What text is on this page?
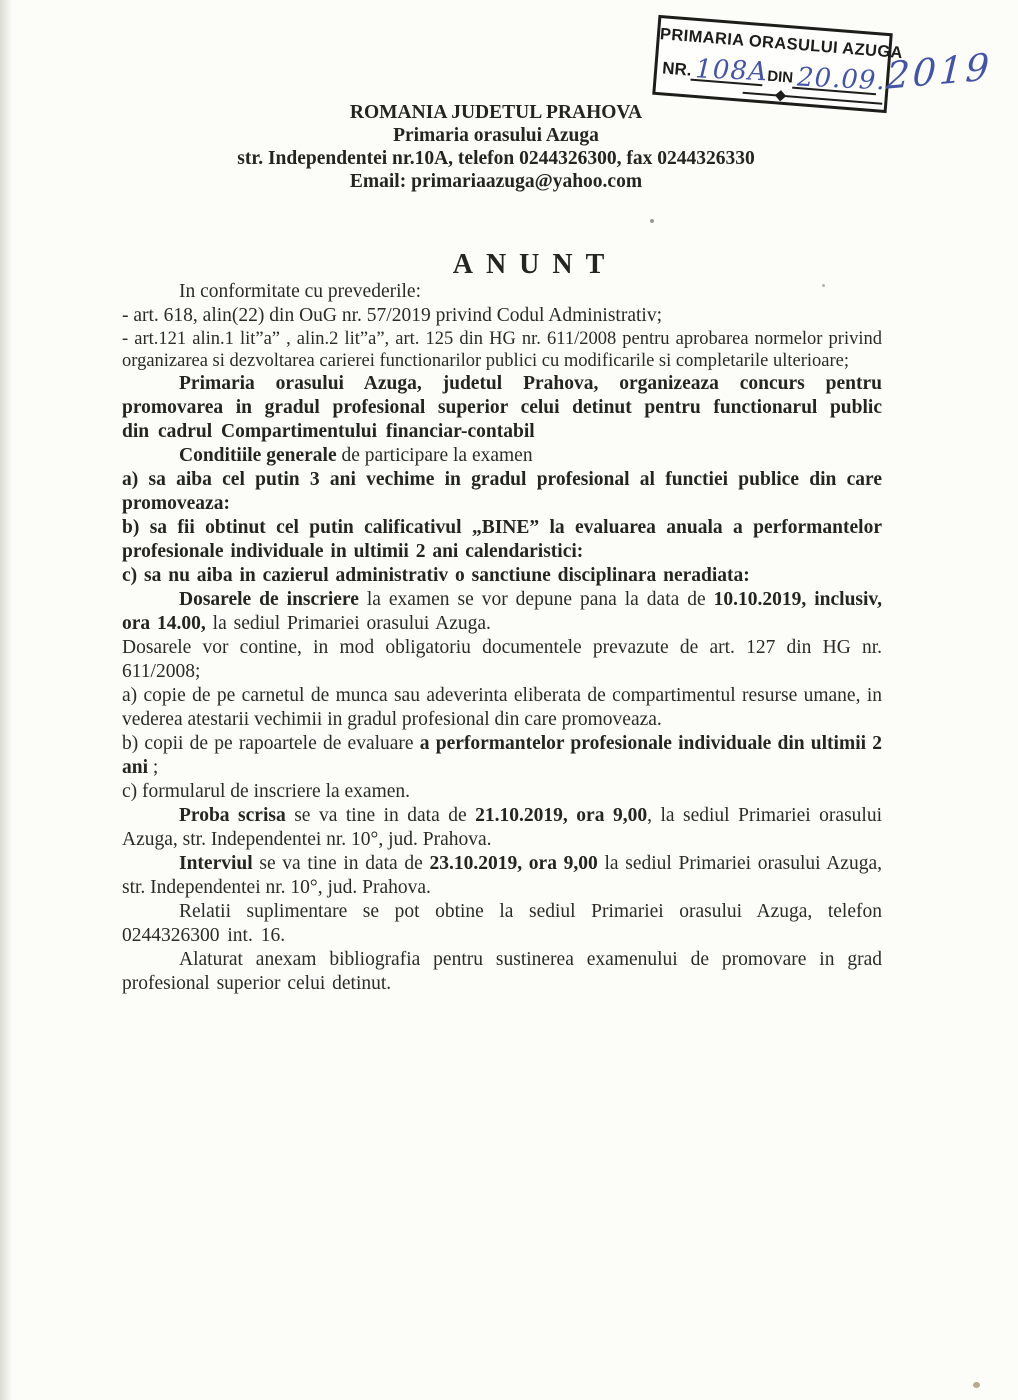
PRIMARIA ORASULUI AZUGA
NR. 108A
DIN 20.09.
2019
ROMANIA JUDETUL PRAHOVA
Primaria orasului Azuga
str. Independentei nr.10A, telefon 0244326300, fax 0244326330
Email: primariaazuga@yahoo.com
ANUNT

In conformitate cu prevederile:

- art. 618, alin(22) din OuG nr. 57/2019 privind Codul Administrativ;

- art.121 alin.1 lit”a” , alin.2 lit”a”, art. 125 din HG nr. 611/2008 pentru aprobarea normelor privind organizarea si dezvoltarea carierei functionarilor publici cu modificarile si completarile ulterioare;

Primaria orasului Azuga, judetul Prahova, organizeaza concurs pentru promovarea in gradul profesional superior celui detinut pentru functionarul public din cadrul Compartimentului financiar-contabil

Conditiile generale de participare la examen

a) sa aiba cel putin 3 ani vechime in gradul profesional al functiei publice din care promoveaza:

b) sa fii obtinut cel putin calificativul „BINE” la evaluarea anuala a performantelor profesionale individuale in ultimii 2 ani calendaristici:

c) sa nu aiba in cazierul administrativ o sanctiune disciplinara neradiata:

Dosarele de inscriere la examen se vor depune pana la data de 10.10.2019, inclusiv, ora 14.00, la sediul Primariei orasului Azuga.

Dosarele vor contine, in mod obligatoriu documentele prevazute de art. 127 din HG nr. 611/2008;

a) copie de pe carnetul de munca sau adeverinta eliberata de compartimentul resurse umane, in vederea atestarii vechimii in gradul profesional din care promoveaza.

b) copii de pe rapoartele de evaluare a performantelor profesionale individuale din ultimii 2 ani ;

c) formularul de inscriere la examen.

Proba scrisa se va tine in data de 21.10.2019, ora 9,00, la sediul Primariei orasului Azuga, str. Independentei nr. 10°, jud. Prahova.

Interviul se va tine in data de 23.10.2019, ora 9,00 la sediul Primariei orasului Azuga, str. Independentei nr. 10°, jud. Prahova.

Relatii suplimentare se pot obtine la sediul Primariei orasului Azuga, telefon 0244326300 int. 16.

Alaturat anexam bibliografia pentru sustinerea examenului de promovare in grad profesional superior celui detinut.
